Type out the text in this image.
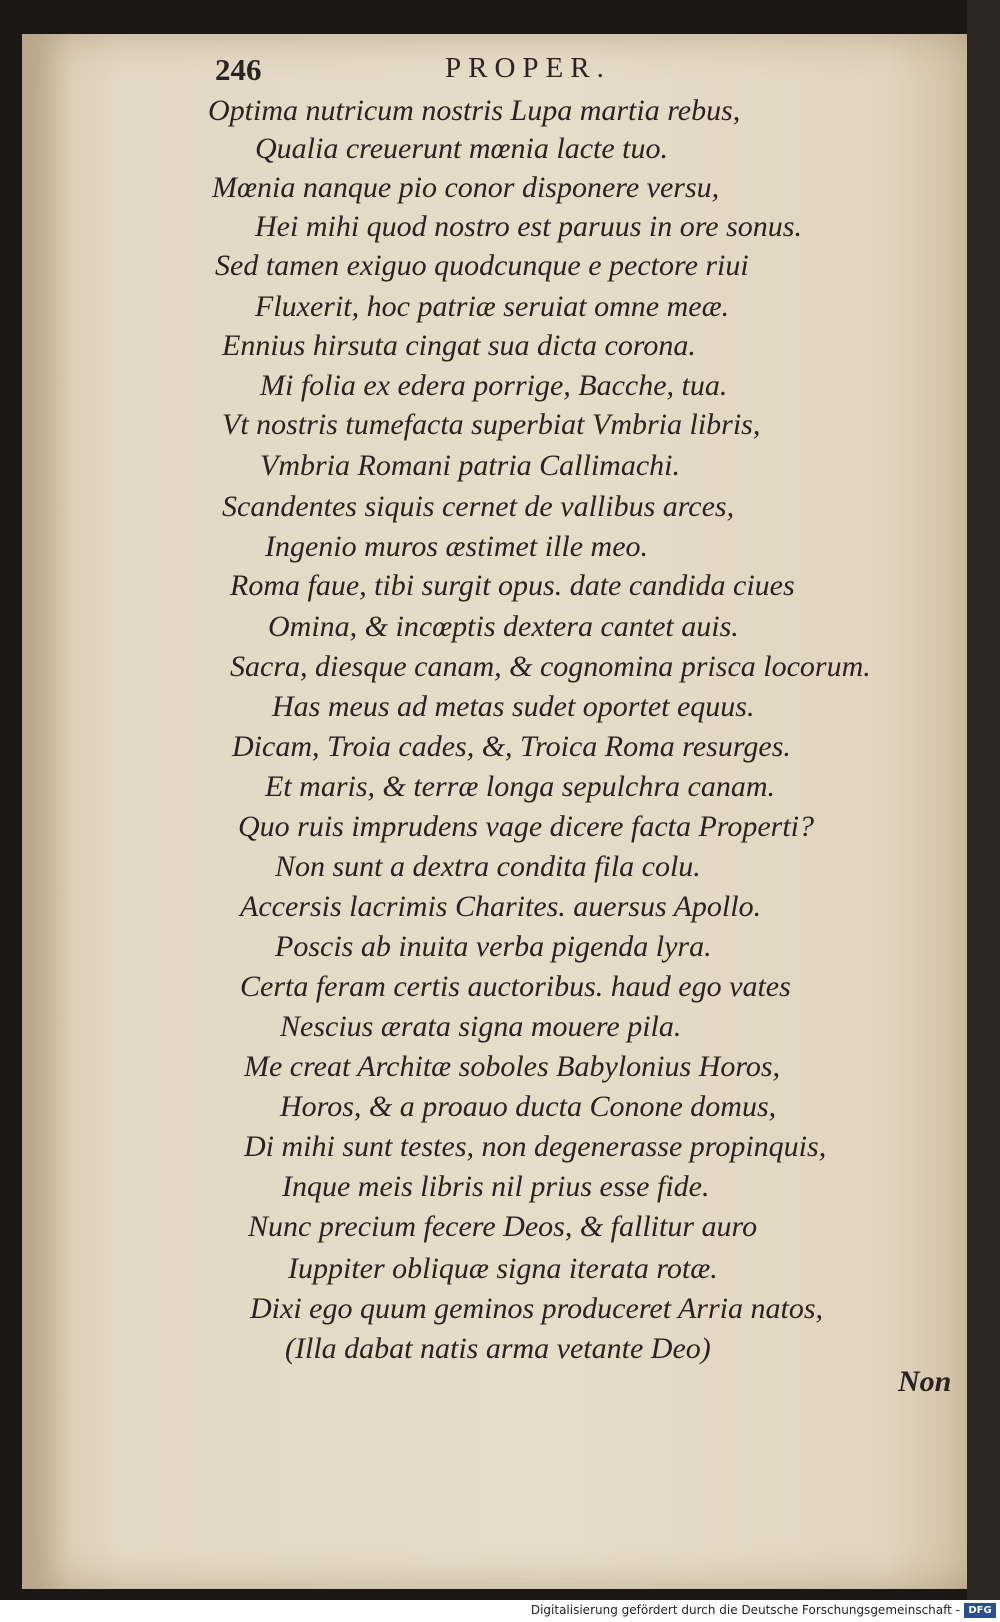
246	PROPER.
Optima nutricum nostris Lupa martia rebus,
Qualia creuerunt mœnia lacte tuo.
Mœnia nanque pio conor disponere versu,
Hei mihi quod nostro est paruus in ore sonus.
Sed tamen exiguo quodcunque e pectore riui
Fluxerit, hoc patriæ seruiat omne meæ.
Ennius hirsuta cingat sua dicta corona.
Mi folia ex edera porrige, Bacche, tua.
Vt nostris tumefacta superbiat Vmbria libris,
Vmbria Romani patria Callimachi.
Scandentes siquis cernet de vallibus arces,
Ingenio muros æstimet ille meo.
Roma faue, tibi surgit opus. date candida ciues
Omina, & incœptis dextera cantet auis.
Sacra, diesque canam, & cognomina prisca locorum.
Has meus ad metas sudet oportet equus.
Dicam, Troia cades, &, Troica Roma resurges.
Et maris, & terræ longa sepulchra canam.
Quo ruis imprudens vage dicere facta Properti?
Non sunt a dextra condita fila colu.
Accersis lacrimis Charites. auersus Apollo.
Poscis ab inuita verba pigenda lyra.
Certa feram certis auctoribus. haud ego vates
Nescius ærata signa mouere pila.
Me creat Architæ soboles Babylonius Horos,
Horos, & a proauo ducta Conone domus,
Di mihi sunt testes, non degenerasse propinquis,
Inque meis libris nil prius esse fide.
Nunc precium fecere Deos, & fallitur auro
Iuppiter obliquæ signa iterata rotæ.
Dixi ego quum geminos produceret Arria natos,
(Illa dabat natis arma vetante Deo)
Non
Digitalisierung gefördert durch die Deutsche Forschungsgemeinschaft - DFG
